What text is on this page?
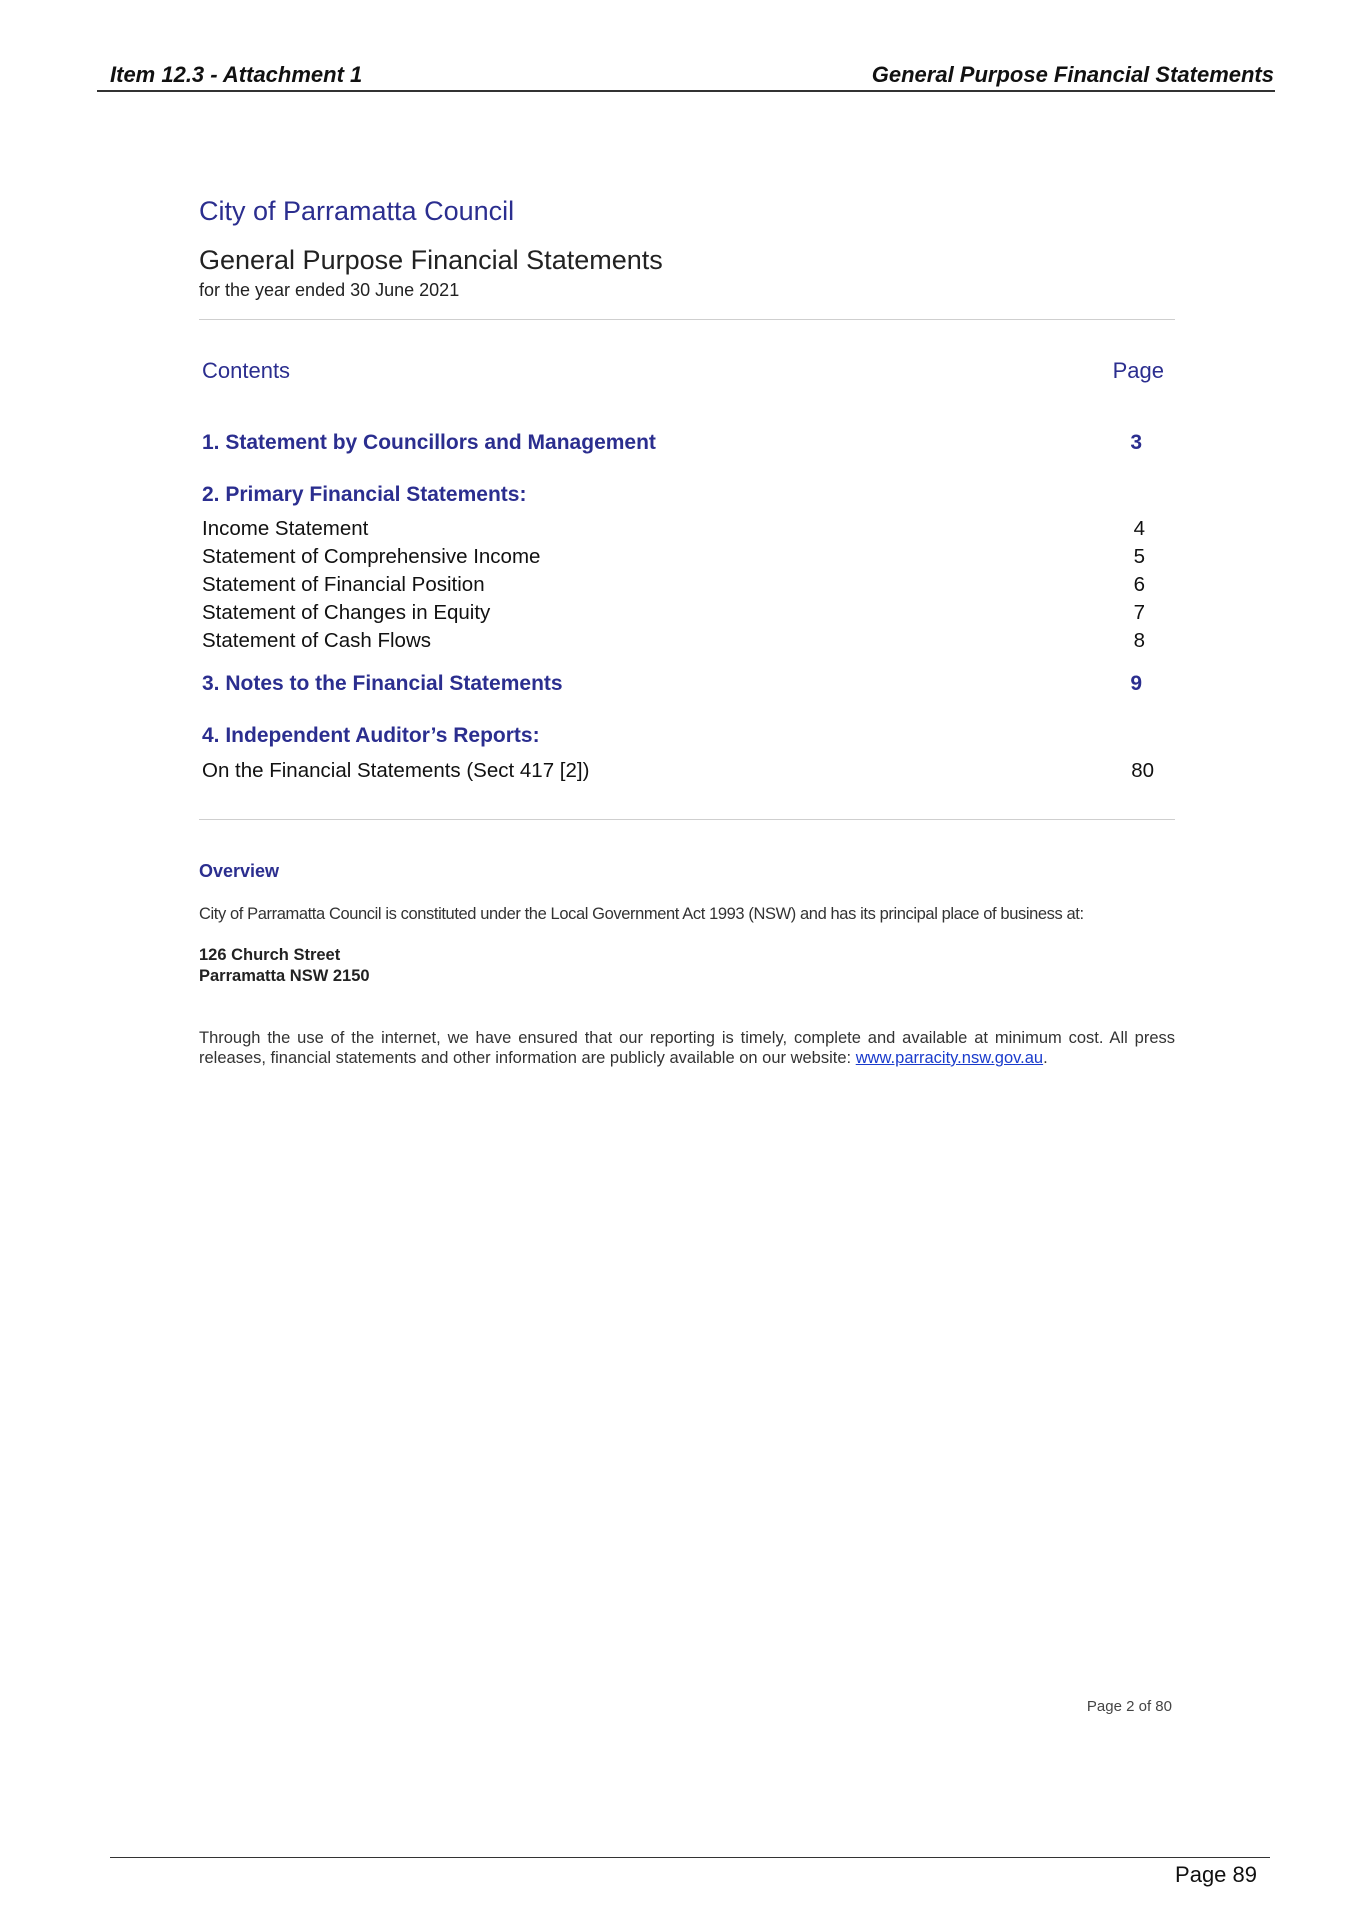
Item 12.3 - Attachment 1	General Purpose Financial Statements
City of Parramatta Council
General Purpose Financial Statements
for the year ended 30 June 2021
Contents	Page
1. Statement by Councillors and Management	3
2. Primary Financial Statements:
Income Statement	4
Statement of Comprehensive Income	5
Statement of Financial Position	6
Statement of Changes in Equity	7
Statement of Cash Flows	8
3. Notes to the Financial Statements	9
4. Independent Auditor’s Reports:
On the Financial Statements (Sect 417 [2])	80
Overview
City of Parramatta Council is constituted under the Local Government Act 1993 (NSW) and has its principal place of business at:
126 Church Street
Parramatta NSW 2150
Through the use of the internet, we have ensured that our reporting is timely, complete and available at minimum cost. All press releases, financial statements and other information are publicly available on our website: www.parracity.nsw.gov.au.
Page 2 of 80
Page 89
